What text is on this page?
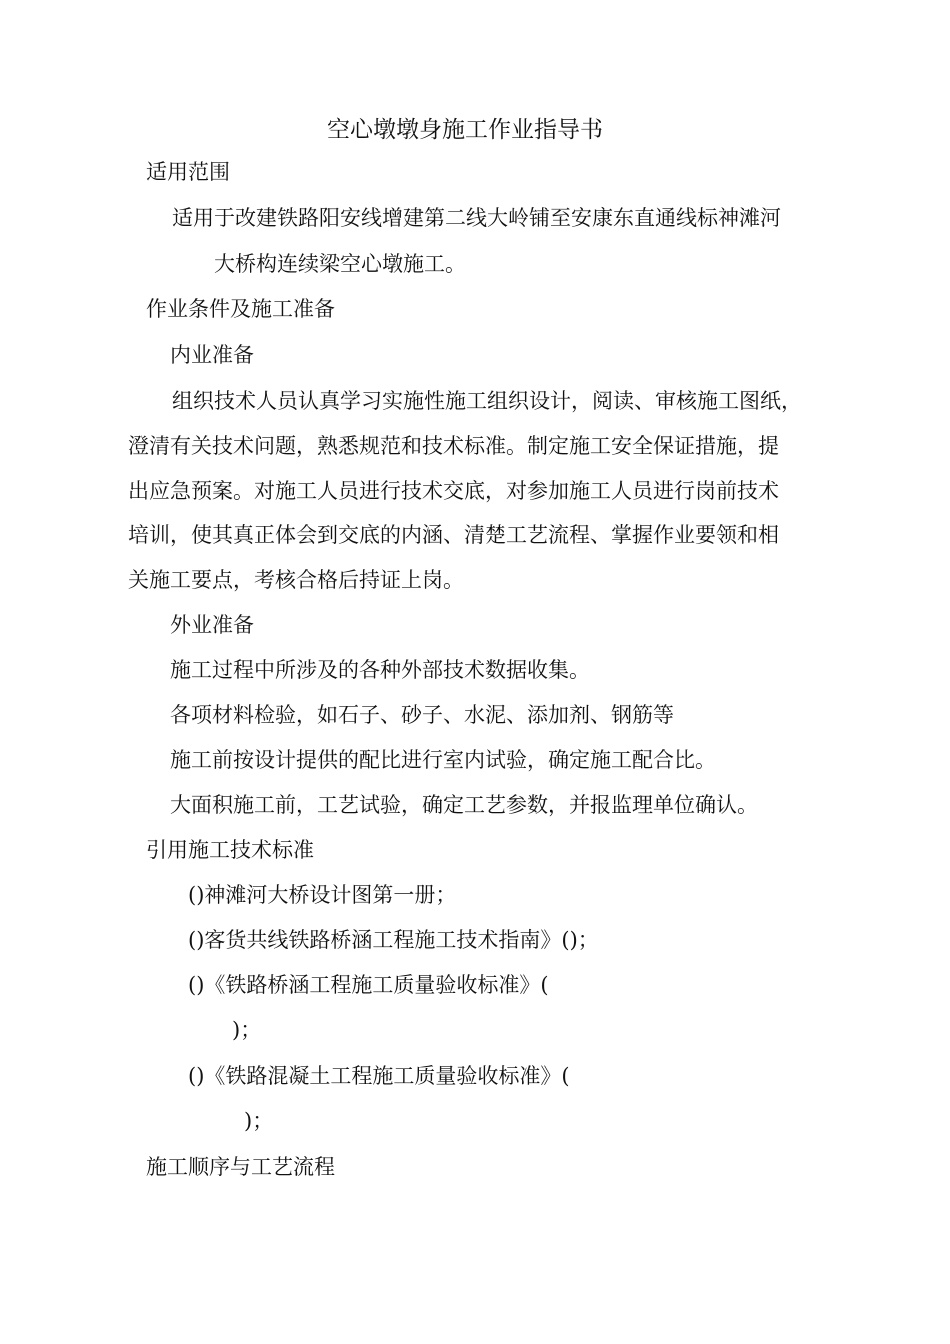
空心墩墩身施工作业指导书
适用范围
适用于改建铁路阳安线增建第二线大岭铺至安康东直通线标神滩河
大桥构连续梁空心墩施工。
作业条件及施工准备
内业准备
组织技术人员认真学习实施性施工组织设计，阅读、审核施工图纸，
澄清有关技术问题，熟悉规范和技术标准。制定施工安全保证措施，提
出应急预案。对施工人员进行技术交底，对参加施工人员进行岗前技术
培训，使其真正体会到交底的内涵、清楚工艺流程、掌握作业要领和相
关施工要点，考核合格后持证上岗。
外业准备
施工过程中所涉及的各种外部技术数据收集。
各项材料检验，如石子、砂子、水泥、添加剂、钢筋等
施工前按设计提供的配比进行室内试验，确定施工配合比。
大面积施工前，工艺试验，确定工艺参数，并报监理单位确认。
引用施工技术标准
()神滩河大桥设计图第一册；
()客货共线铁路桥涵工程施工技术指南》()；
()《铁路桥涵工程施工质量验收标准》(
)；
()《铁路混凝土工程施工质量验收标准》(
)；
施工顺序与工艺流程
